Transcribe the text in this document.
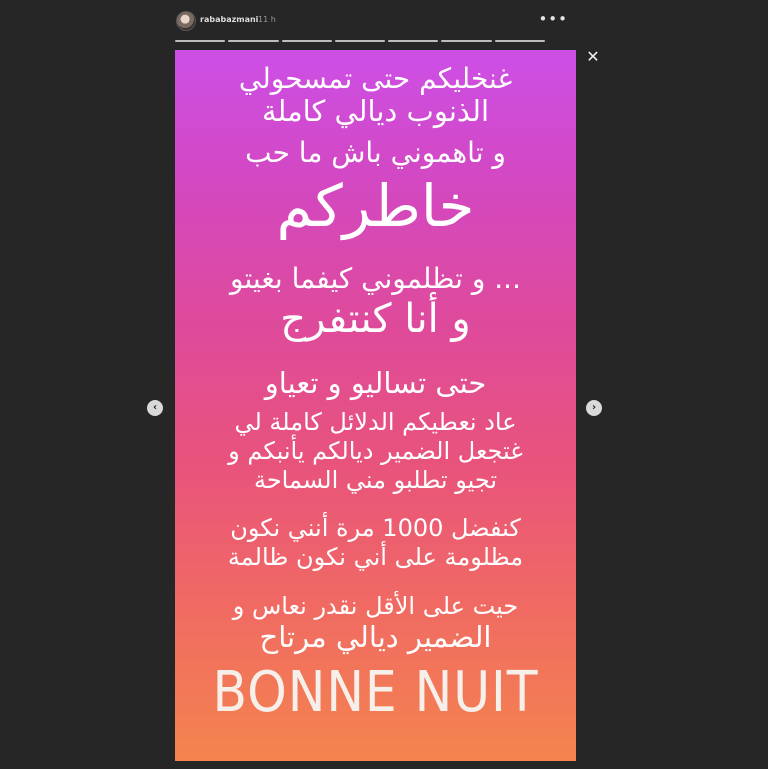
rababazmani 11 h	•••
✕
غنخليكم حتى تمسحولي
الذنوب ديالي كاملة
و تاهموني باش ما حب
خاطركم
و تظلموني كيفما بغيتو ...
و أنا كنتفرج
حتى تساليو و تعياو
عاد نعطيكم الدلائل كاملة لي
غتجعل الضمير ديالكم يأنبكم و
تجيو تطلبو مني السماحة
كنفضل 1000 مرة أنني نكون
مظلومة على أني نكون ظالمة
حيت على الأقل نقدر نعاس و
الضمير ديالي مرتاح
BONNE NUIT
‹	›
